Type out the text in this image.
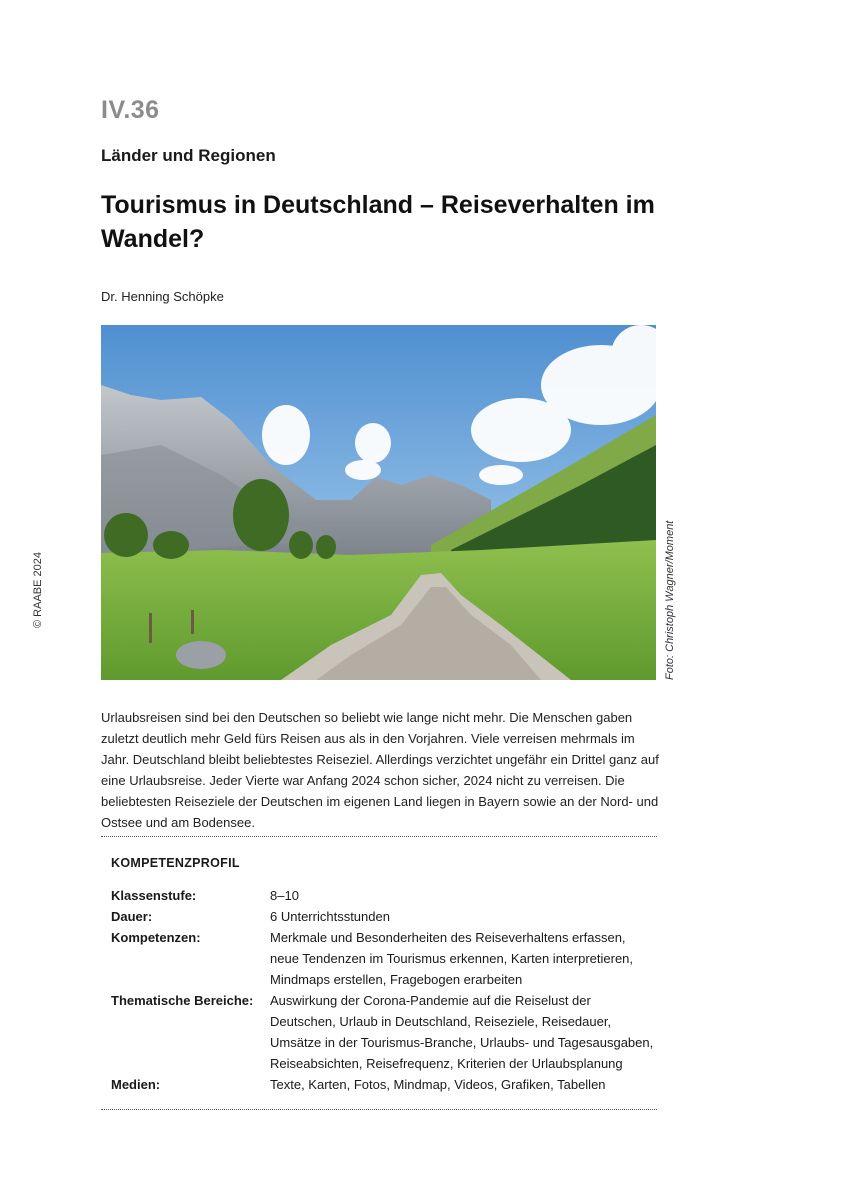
IV.36
Länder und Regionen
Tourismus in Deutschland – Reiseverhalten im Wandel?
Dr. Henning Schöpke
© RAABE 2024	Foto: Christoph Wagner/Moment
Urlaubsreisen sind bei den Deutschen so beliebt wie lange nicht mehr. Die Menschen gaben zuletzt deutlich mehr Geld fürs Reisen aus als in den Vorjahren. Viele verreisen mehrmals im Jahr. Deutschland bleibt beliebtestes Reiseziel. Allerdings verzichtet ungefähr ein Drittel ganz auf eine Urlaubsreise. Jeder Vierte war Anfang 2024 schon sicher, 2024 nicht zu verreisen. Die beliebtesten Reiseziele der Deutschen im eigenen Land liegen in Bayern sowie an der Nord- und Ostsee und am Bodensee.
KOMPETENZPROFIL
Klassenstufe:	8–10
Dauer:	6 Unterrichtsstunden
Kompetenzen:	Merkmale und Besonderheiten des Reiseverhaltens erfassen, neue Tendenzen im Tourismus erkennen, Karten interpretieren, Mindmaps erstellen, Fragebogen erarbeiten
Thematische Bereiche:	Auswirkung der Corona-Pandemie auf die Reiselust der Deutschen, Urlaub in Deutschland, Reiseziele, Reisedauer, Umsätze in der Tourismus-Branche, Urlaubs- und Tagesausgaben, Reiseabsichten, Reisefrequenz, Kriterien der Urlaubsplanung
Medien:	Texte, Karten, Fotos, Mindmap, Videos, Grafiken, Tabellen
